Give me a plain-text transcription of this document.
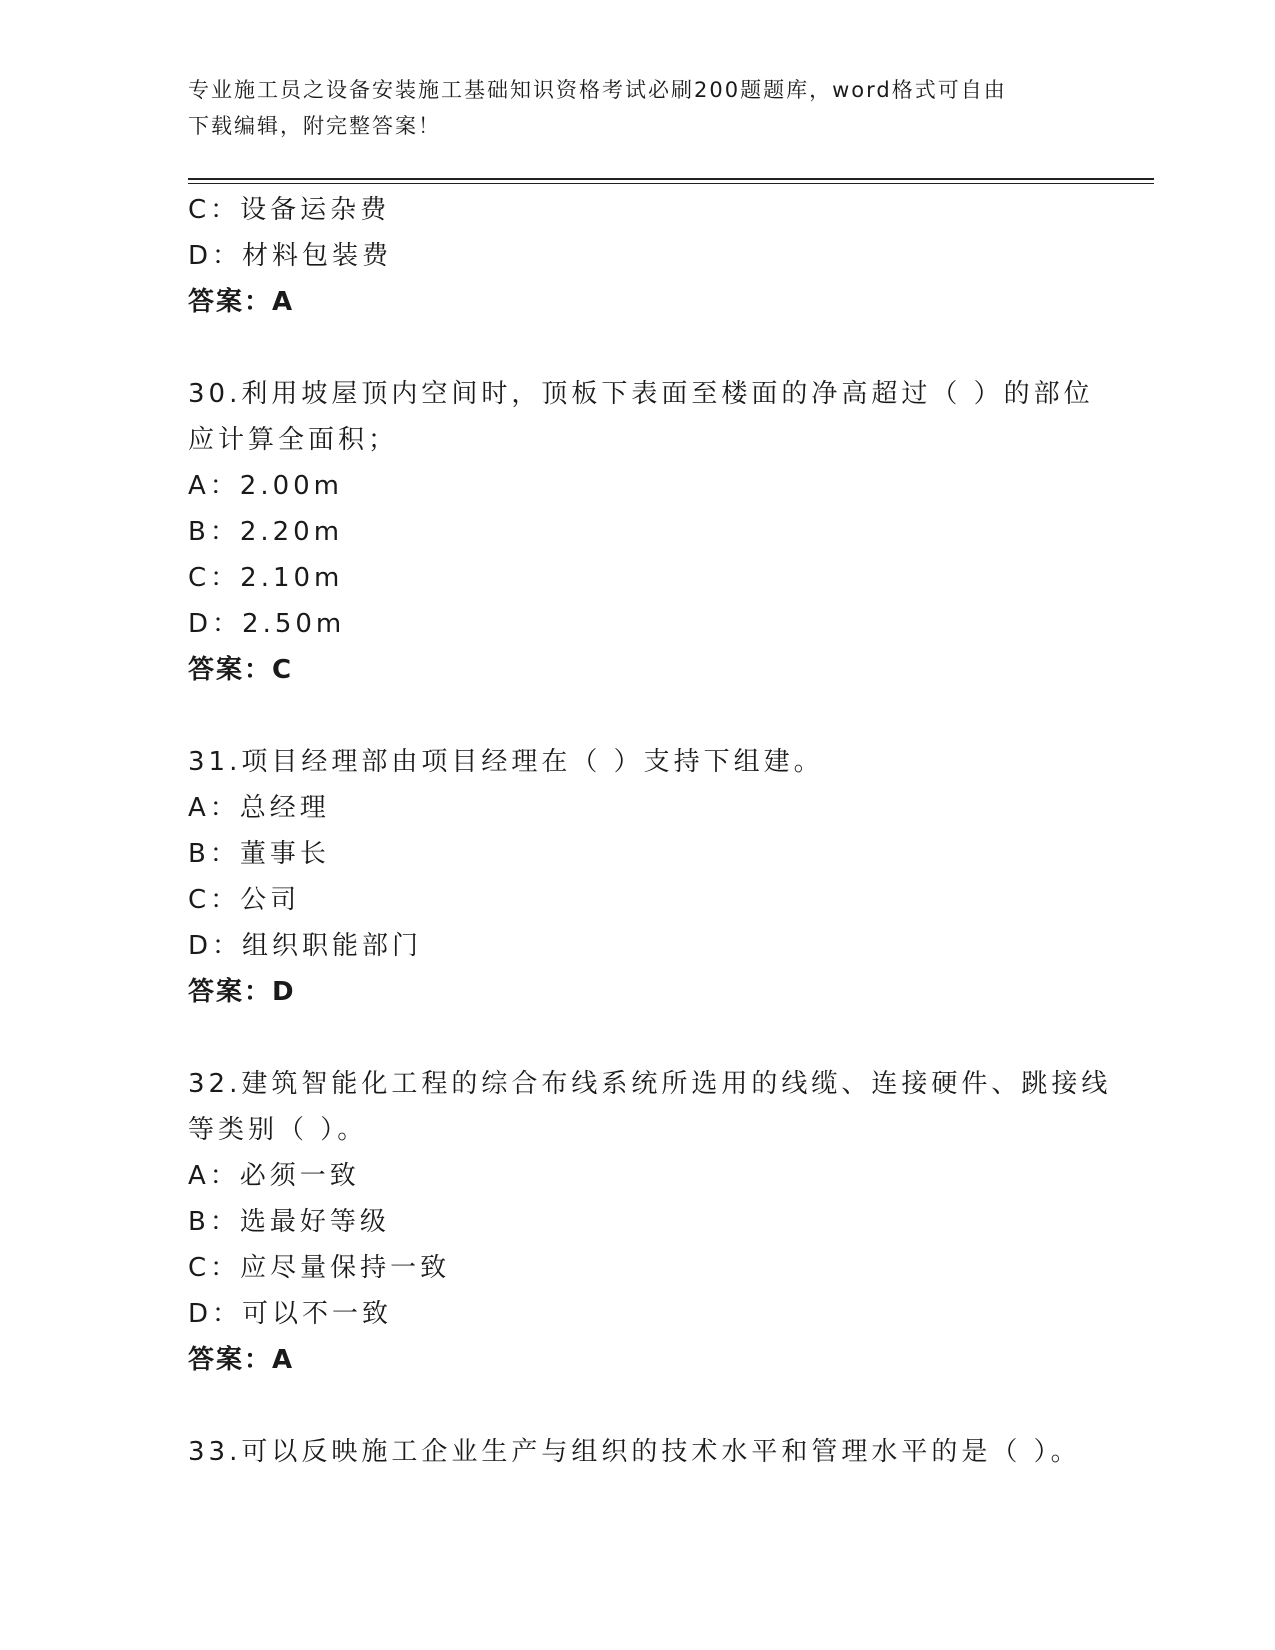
专业施工员之设备安装施工基础知识资格考试必刷200题题库，word格式可自由
下载编辑，附完整答案！
C：设备运杂费
D：材料包装费
答案：A
30.利用坡屋顶内空间时，顶板下表面至楼面的净高超过（ ）的部位
应计算全面积；
A：2.00m
B：2.20m
C：2.10m
D：2.50m
答案：C
31.项目经理部由项目经理在（ ）支持下组建。
A：总经理
B：董事长
C：公司
D：组织职能部门
答案：D
32.建筑智能化工程的综合布线系统所选用的线缆、连接硬件、跳接线
等类别（ ）。
A：必须一致
B：选最好等级
C：应尽量保持一致
D：可以不一致
答案：A
33.可以反映施工企业生产与组织的技术水平和管理水平的是（ ）。
